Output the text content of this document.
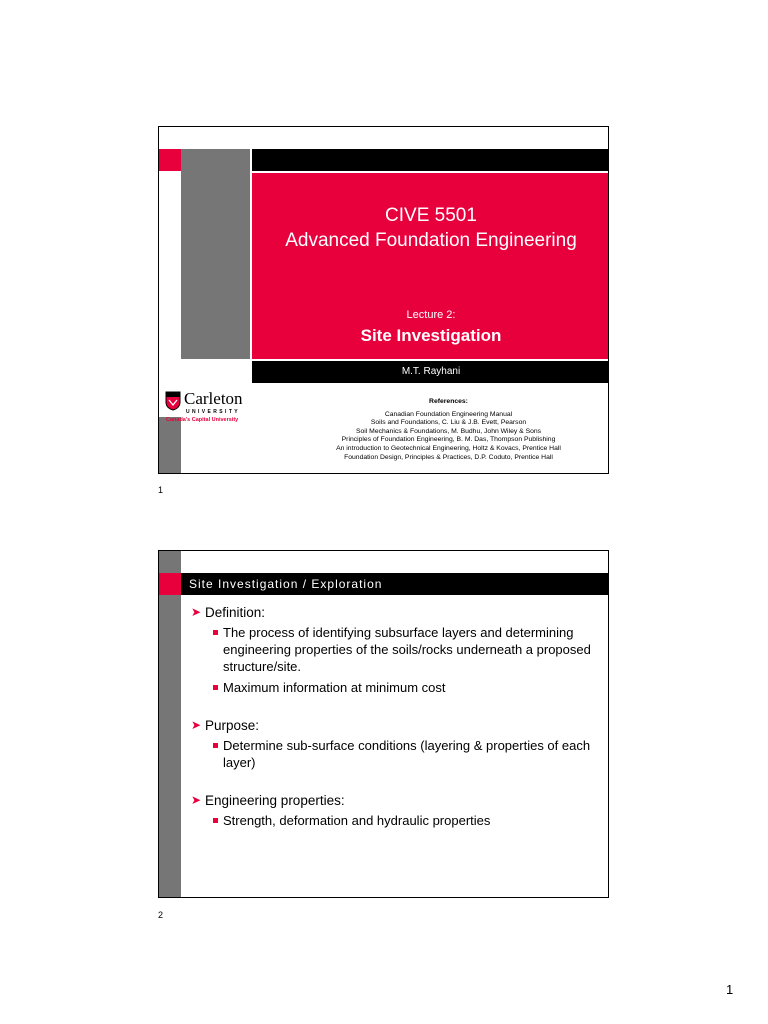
CIVE 5501
Advanced Foundation Engineering
Lecture 2:
Site Investigation
M.T. Rayhani
Carleton
UNIVERSITY
Canada's Capital University
References:
Canadian Foundation Engineering Manual
Soils and Foundations, C. Liu & J.B. Evett, Pearson
Soil Mechanics & Foundations, M. Budhu, John Wiley & Sons
Principles of Foundation Engineering, B. M. Das, Thompson Publishing
An introduction to Geotechnical Engineering, Holtz & Kovacs, Prentice Hall
Foundation Design, Principles & Practices, D.P. Coduto, Prentice Hall
1
Site Investigation / Exploration
➤ Definition:
The process of identifying subsurface layers and determining engineering properties of the soils/rocks underneath a proposed structure/site.
Maximum information at minimum cost
➤ Purpose:
Determine sub-surface conditions (layering & properties of each layer)
➤ Engineering properties:
Strength, deformation and hydraulic properties
2
1
